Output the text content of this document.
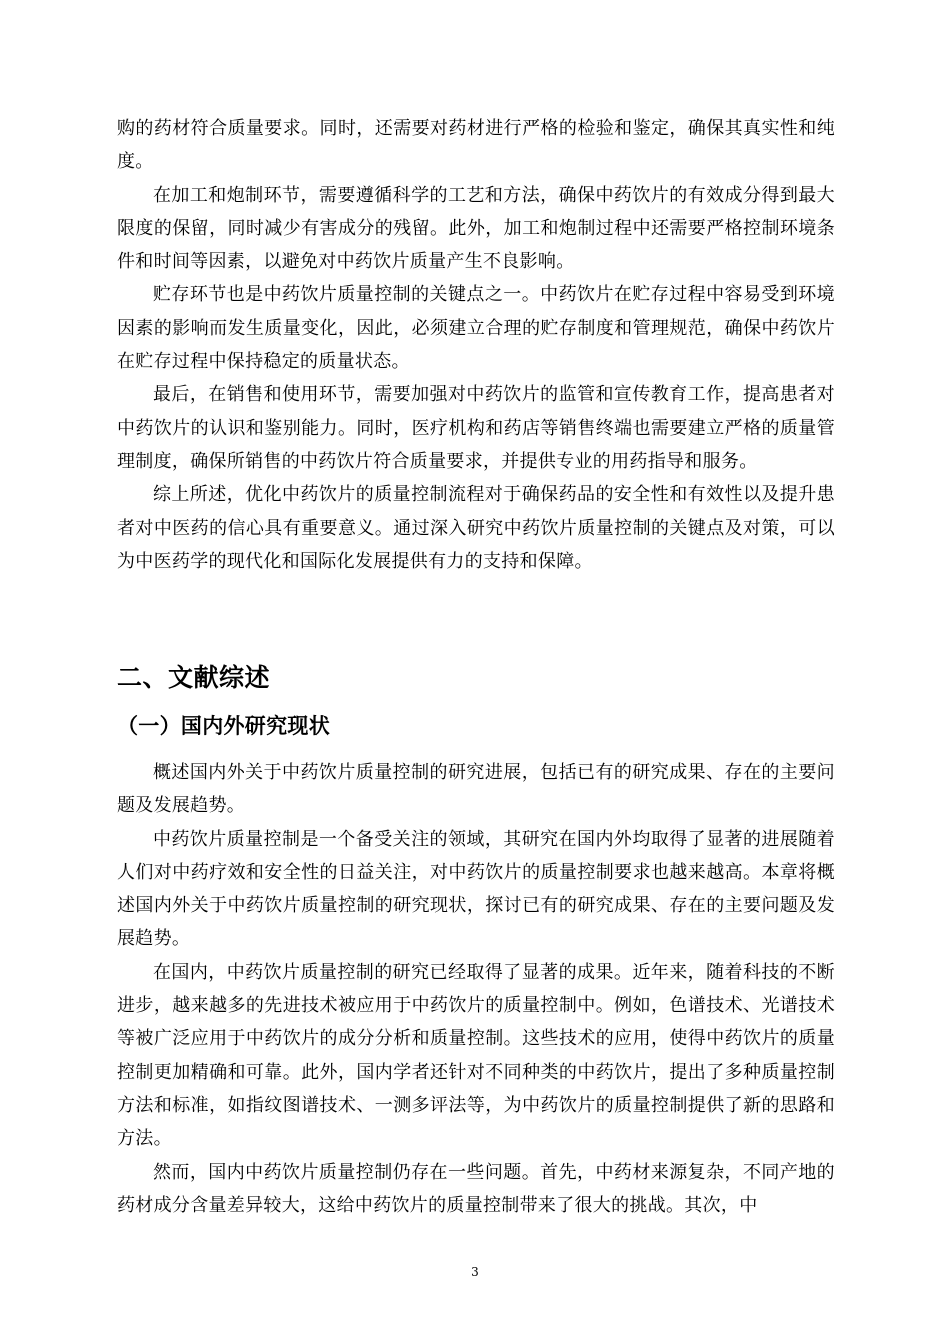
购的药材符合质量要求。同时，还需要对药材进行严格的检验和鉴定，确保其真实性和纯度。

在加工和炮制环节，需要遵循科学的工艺和方法，确保中药饮片的有效成分得到最大限度的保留，同时减少有害成分的残留。此外，加工和炮制过程中还需要严格控制环境条件和时间等因素，以避免对中药饮片质量产生不良影响。

贮存环节也是中药饮片质量控制的关键点之一。中药饮片在贮存过程中容易受到环境因素的影响而发生质量变化，因此，必须建立合理的贮存制度和管理规范，确保中药饮片在贮存过程中保持稳定的质量状态。

最后，在销售和使用环节，需要加强对中药饮片的监管和宣传教育工作，提高患者对中药饮片的认识和鉴别能力。同时，医疗机构和药店等销售终端也需要建立严格的质量管理制度，确保所销售的中药饮片符合质量要求，并提供专业的用药指导和服务。

综上所述，优化中药饮片的质量控制流程对于确保药品的安全性和有效性以及提升患者对中医药的信心具有重要意义。通过深入研究中药饮片质量控制的关键点及对策，可以为中医药学的现代化和国际化发展提供有力的支持和保障。

二、文献综述
（一）国内外研究现状

概述国内外关于中药饮片质量控制的研究进展，包括已有的研究成果、存在的主要问题及发展趋势。

中药饮片质量控制是一个备受关注的领域，其研究在国内外均取得了显著的进展随着人们对中药疗效和安全性的日益关注，对中药饮片的质量控制要求也越来越高。本章将概述国内外关于中药饮片质量控制的研究现状，探讨已有的研究成果、存在的主要问题及发展趋势。

在国内，中药饮片质量控制的研究已经取得了显著的成果。近年来，随着科技的不断进步，越来越多的先进技术被应用于中药饮片的质量控制中。例如，色谱技术、光谱技术等被广泛应用于中药饮片的成分分析和质量控制。这些技术的应用，使得中药饮片的质量控制更加精确和可靠。此外，国内学者还针对不同种类的中药饮片，提出了多种质量控制方法和标准，如指纹图谱技术、一测多评法等，为中药饮片的质量控制提供了新的思路和方法。

然而，国内中药饮片质量控制仍存在一些问题。首先，中药材来源复杂，不同产地的药材成分含量差异较大，这给中药饮片的质量控制带来了很大的挑战。其次，中

3
